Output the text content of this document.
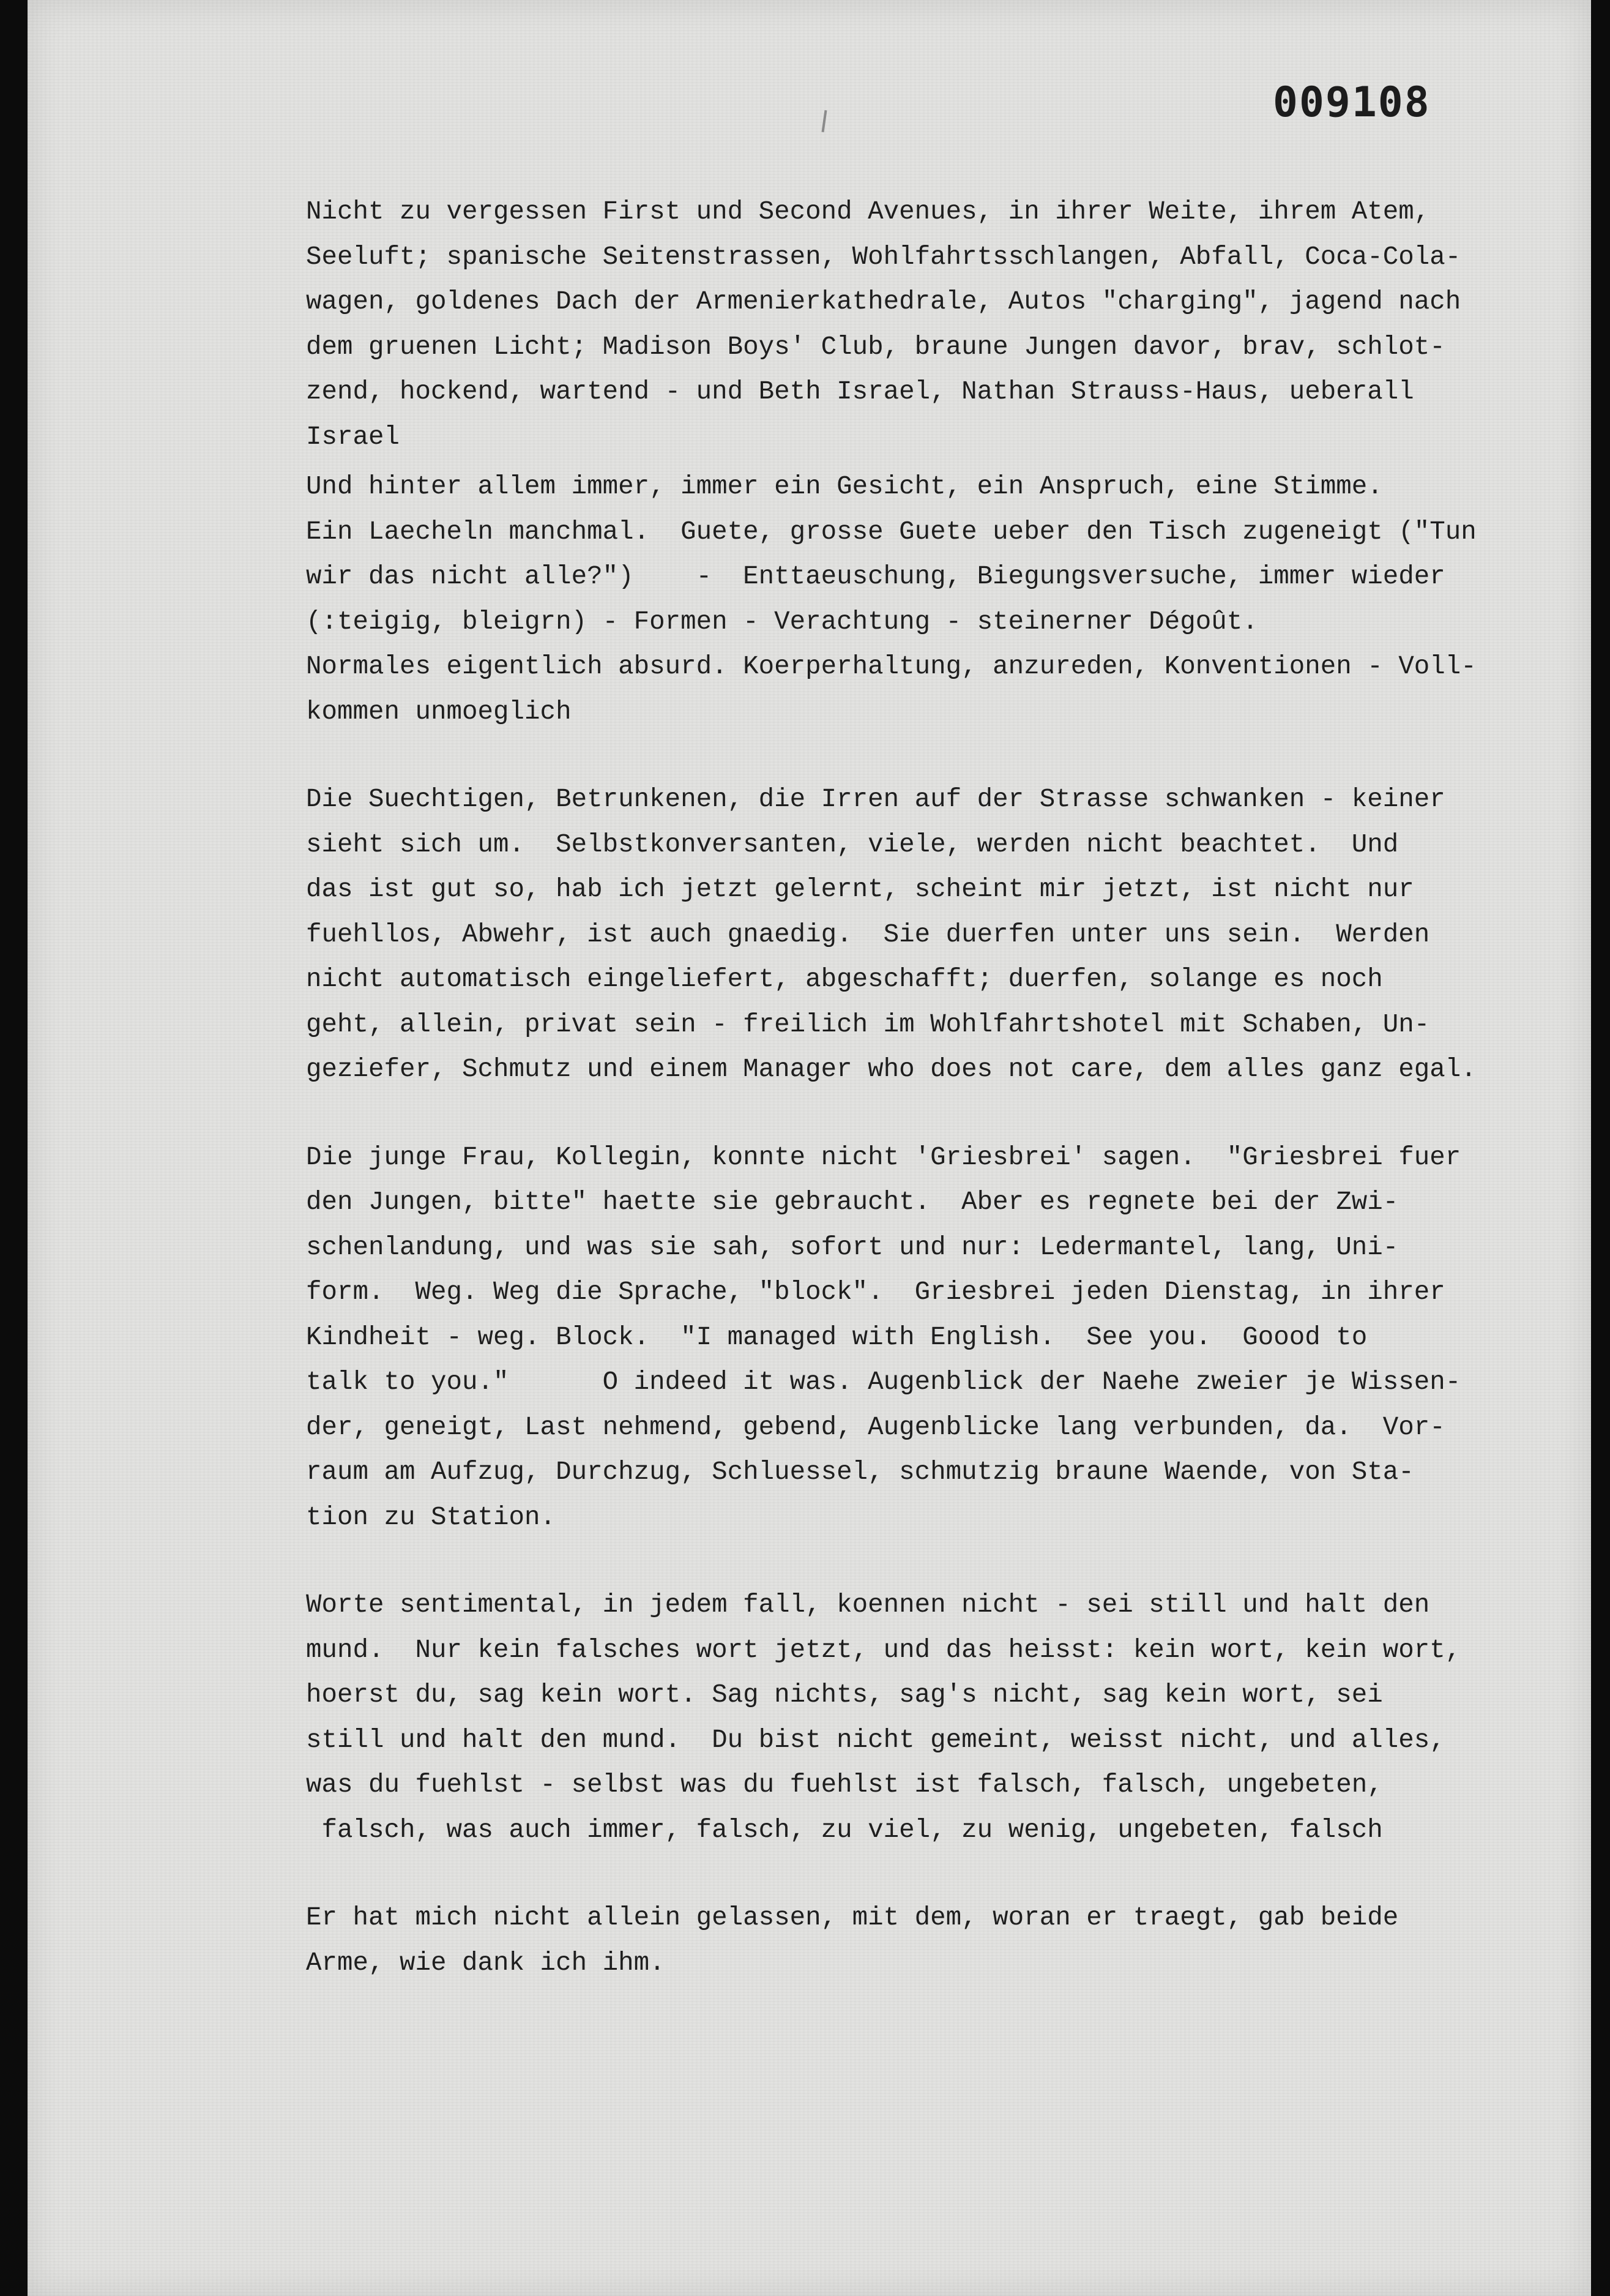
009108

Nicht zu vergessen First und Second Avenues, in ihrer Weite, ihrem Atem,
Seeluft; spanische Seitenstrassen, Wohlfahrtsschlangen, Abfall, Coca-Cola-
wagen, goldenes Dach der Armenierkathedrale, Autos "charging", jagend nach
dem gruenen Licht; Madison Boys' Club, braune Jungen davor, brav, schlot-
zend, hockend, wartend - und Beth Israel, Nathan Strauss-Haus, ueberall
Israel

Und hinter allem immer, immer ein Gesicht, ein Anspruch, eine Stimme.
Ein Laecheln manchmal.  Guete, grosse Guete ueber den Tisch zugeneigt ("Tun
wir das nicht alle?")    -  Enttaeuschung, Biegungsversuche, immer wieder
(:teigig, bleigrn) - Formen - Verachtung - steinerner Dégoût.
Normales eigentlich absurd. Koerperhaltung, anzureden, Konventionen - Voll-
kommen unmoeglich

Die Suechtigen, Betrunkenen, die Irren auf der Strasse schwanken - keiner
sieht sich um.  Selbstkonversanten, viele, werden nicht beachtet.  Und
das ist gut so, hab ich jetzt gelernt, scheint mir jetzt, ist nicht nur
fuehllos, Abwehr, ist auch gnaedig.  Sie duerfen unter uns sein.  Werden
nicht automatisch eingeliefert, abgeschafft; duerfen, solange es noch
geht, allein, privat sein - freilich im Wohlfahrtshotel mit Schaben, Un-
geziefer, Schmutz und einem Manager who does not care, dem alles ganz egal.

Die junge Frau, Kollegin, konnte nicht 'Griesbrei' sagen.  "Griesbrei fuer
den Jungen, bitte" haette sie gebraucht.  Aber es regnete bei der Zwi-
schenlandung, und was sie sah, sofort und nur: Ledermantel, lang, Uni-
form.  Weg. Weg die Sprache, "block".  Griesbrei jeden Dienstag, in ihrer
Kindheit - weg. Block.  "I managed with English.  See you.  Goood to
talk to you."      O indeed it was. Augenblick der Naehe zweier je Wissen-
der, geneigt, Last nehmend, gebend, Augenblicke lang verbunden, da.  Vor-
raum am Aufzug, Durchzug, Schluessel, schmutzig braune Waende, von Sta-
tion zu Station.

Worte sentimental, in jedem fall, koennen nicht - sei still und halt den
mund.  Nur kein falsches wort jetzt, und das heisst: kein wort, kein wort,
hoerst du, sag kein wort. Sag nichts, sag's nicht, sag kein wort, sei
still und halt den mund.  Du bist nicht gemeint, weisst nicht, und alles,
was du fuehlst - selbst was du fuehlst ist falsch, falsch, ungebeten,
falsch, was auch immer, falsch, zu viel, zu wenig, ungebeten, falsch

Er hat mich nicht allein gelassen, mit dem, woran er traegt, gab beide
Arme, wie dank ich ihm.
